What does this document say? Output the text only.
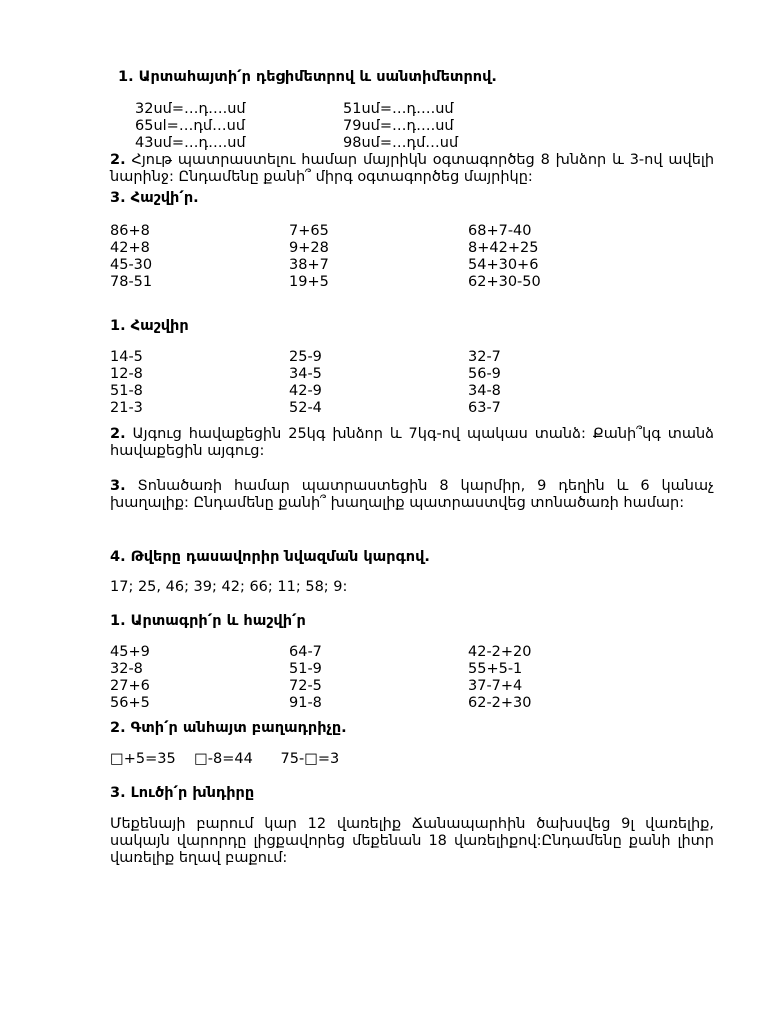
1. Արտահայտի՛ր դեցիմետրով և սանտիմետրով.
32սմ=…դ….սմ	51սմ=…դ….սմ
65սl=…դմ…սմ	79սմ=…դ….սմ
43սմ=…դ….սմ	98սմ=…դմ…սմ
2. Հյութ պատրաստելու համար մայրիկն օգտագործեց 8 խնձոր և 3-ով ավելի նարինջ: Ընդամենը քանի՞ միրգ օգտագործեց մայրիկը:
3. Հաշվի՛ր.
86+8	7+65	68+7-40
42+8	9+28	8+42+25
45-30	38+7	54+30+6
78-51	19+5	62+30-50
1. Հաշվիր
14-5	25-9	32-7
12-8	34-5	56-9
51-8	42-9	34-8
21-3	52-4	63-7
2. Այգուց հավաքեցին 25կգ խնձոր և 7կգ-ով պակաս տանձ: Քանի՞կգ տանձ հավաքեցին այգուց:
3. Տոնածառի համար պատրաստեցին 8 կարմիր, 9 դեղին և 6 կանաչ խաղալիք: Ընդամենը քանի՞ խաղալիք պատրաստվեց տոնածառի համար:
4. Թվերը դասավորիր նվազման կարգով.
17; 25, 46; 39; 42; 66; 11; 58; 9:
1. Արտագրի՛ր և հաշվի՛ր
45+9	64-7	42-2+20
32-8	51-9	55+5-1
27+6	72-5	37-7+4
56+5	91-8	62-2+30
2. Գտի՛ր անհայտ բաղադրիչը.
□+5=35    □-8=44      75-□=3
3. Լուծի՛ր խնդիրը
Մեքենայի բարում կար 12 վառելիք Ճանապարհին ծախսվեց 9լ վառելիք, սակայն վարորդը լիցքավորեց մեքենան 18 վառելիքով:Ընդամենը քանի լիտր վառելիք եղավ բաքում:
